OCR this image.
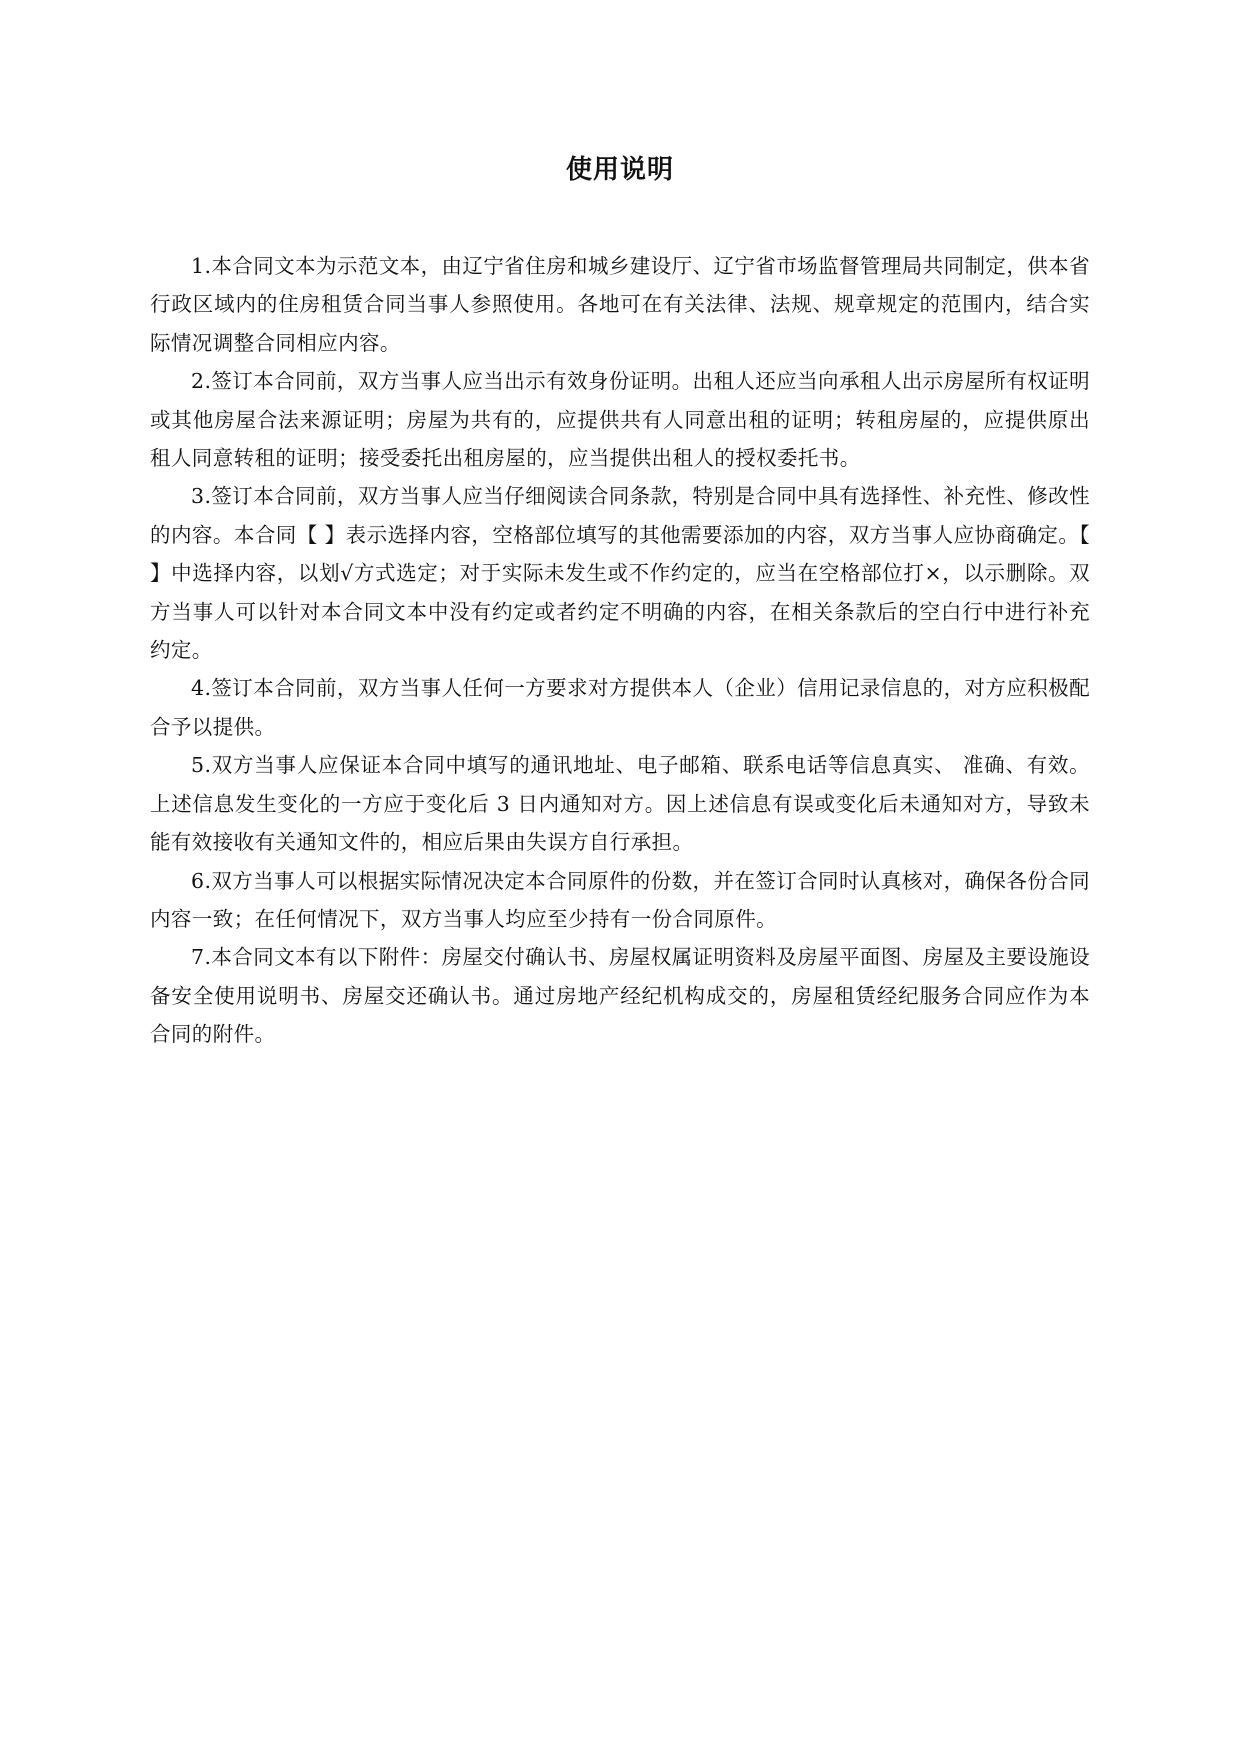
使用说明

1.本合同文本为示范文本，由辽宁省住房和城乡建设厅、辽宁省市场监督管理局共同制定，供本省行政区域内的住房租赁合同当事人参照使用。各地可在有关法律、法规、规章规定的范围内，结合实际情况调整合同相应内容。

2.签订本合同前，双方当事人应当出示有效身份证明。出租人还应当向承租人出示房屋所有权证明或其他房屋合法来源证明；房屋为共有的，应提供共有人同意出租的证明；转租房屋的，应提供原出租人同意转租的证明；接受委托出租房屋的，应当提供出租人的授权委托书。

3.签订本合同前，双方当事人应当仔细阅读合同条款，特别是合同中具有选择性、补充性、修改性的内容。本合同【 】表示选择内容，空格部位填写的其他需要添加的内容，双方当事人应协商确定。【 】中选择内容，以划√方式选定；对于实际未发生或不作约定的，应当在空格部位打×，以示删除。双方当事人可以针对本合同文本中没有约定或者约定不明确的内容，在相关条款后的空白行中进行补充约定。

4.签订本合同前，双方当事人任何一方要求对方提供本人（企业）信用记录信息的，对方应积极配合予以提供。

5.双方当事人应保证本合同中填写的通讯地址、电子邮箱、联系电话等信息真实、 准确、有效。上述信息发生变化的一方应于变化后 3 日内通知对方。因上述信息有误或变化后未通知对方，导致未能有效接收有关通知文件的，相应后果由失误方自行承担。

6.双方当事人可以根据实际情况决定本合同原件的份数，并在签订合同时认真核对，确保各份合同内容一致；在任何情况下，双方当事人均应至少持有一份合同原件。

7.本合同文本有以下附件：房屋交付确认书、房屋权属证明资料及房屋平面图、房屋及主要设施设备安全使用说明书、房屋交还确认书。通过房地产经纪机构成交的，房屋租赁经纪服务合同应作为本合同的附件。
